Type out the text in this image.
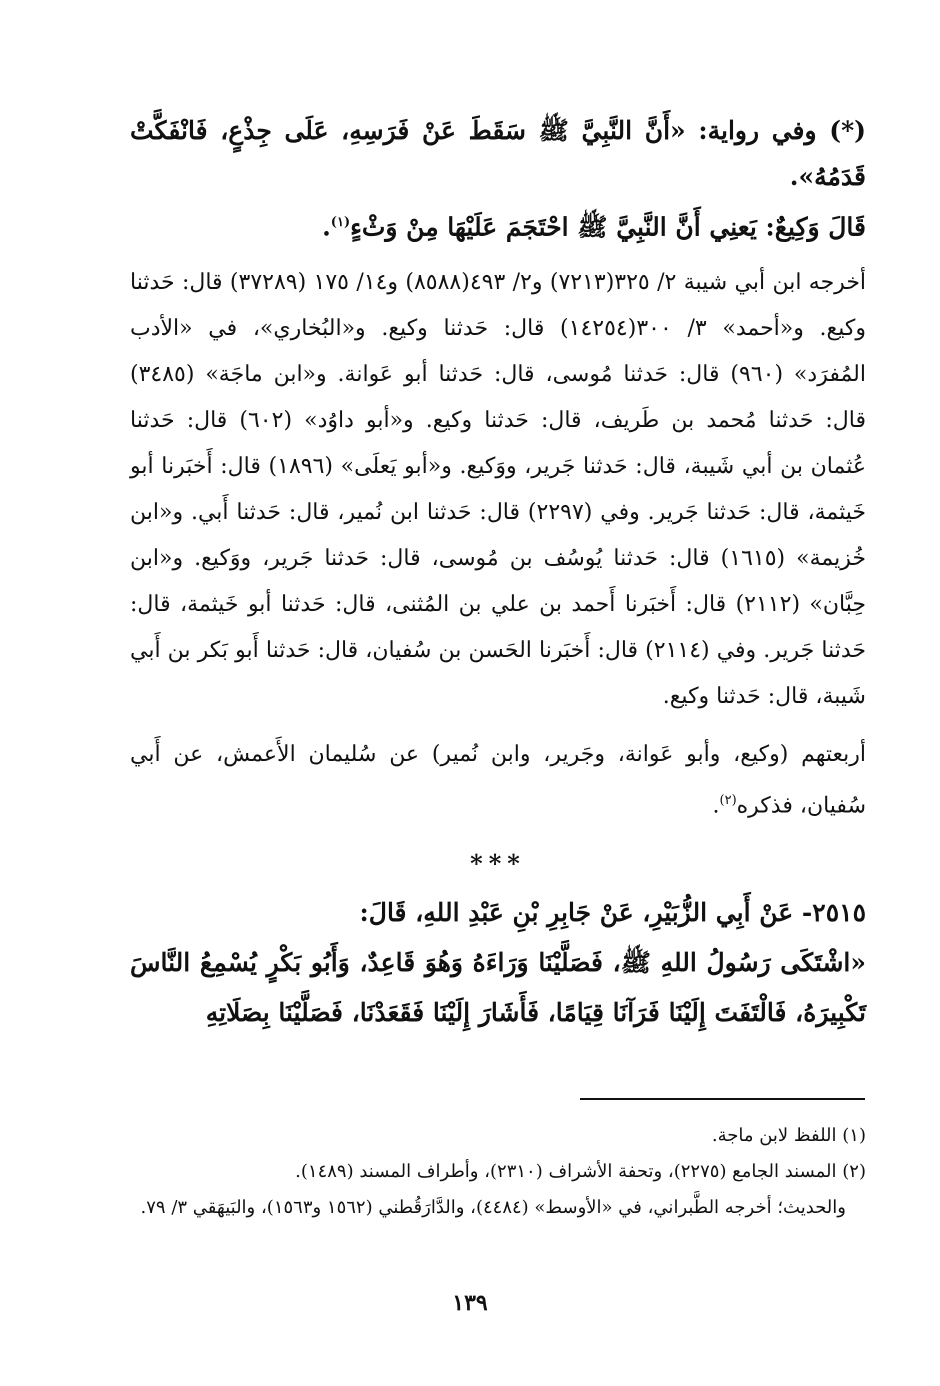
(*) وفي رواية: «أَنَّ النَّبِيَّ ﷺ سَقَطَ عَنْ فَرَسِهِ، عَلَى جِذْعٍ، فَانْفَكَّتْ قَدَمُهُ».

قَالَ وَكِيعٌ: يَعنِي أَنَّ النَّبِيَّ ﷺ احْتَجَمَ عَلَيْهَا مِنْ وَثْءٍ$^{(١)}$.

أخرجه ابن أبي شيبة ٢/ ٣٢٥(٧٢١٣) و٢/ ٤٩٣(٨٥٨٨) و١٤/ ١٧٥ (٣٧٢٨٩) قال: حَدثنا وكيع. و«أحمد» ٣/ ٣٠٠(١٤٢٥٤) قال: حَدثنا وكيع. و«البُخاري»، في «الأدب المُفرَد» (٩٦٠) قال: حَدثنا مُوسى، قال: حَدثنا أبو عَوانة. و«ابن ماجَة» (٣٤٨٥) قال: حَدثنا مُحمد بن طَريف، قال: حَدثنا وكيع. و«أبو داوُد» (٦٠٢) قال: حَدثنا عُثمان بن أبي شَيبة، قال: حَدثنا جَرير، ووَكيع. و«أبو يَعلَى» (١٨٩٦) قال: أَخبَرنا أبو خَيثمة، قال: حَدثنا جَرير. وفي (٢٢٩٧) قال: حَدثنا ابن نُمير، قال: حَدثنا أَبي. و«ابن خُزيمة» (١٦١٥) قال: حَدثنا يُوسُف بن مُوسى، قال: حَدثنا جَرير، ووَكيع. و«ابن حِبَّان» (٢١١٢) قال: أَخبَرنا أَحمد بن علي بن المُثنى، قال: حَدثنا أبو خَيثمة، قال: حَدثنا جَرير. وفي (٢١١٤) قال: أَخبَرنا الحَسن بن سُفيان، قال: حَدثنا أَبو بَكر بن أَبي شَيبة، قال: حَدثنا وكيع.

أربعتهم (وكيع، وأبو عَوانة، وجَرير، وابن نُمير) عن سُليمان الأَعمش، عن أَبي سُفيان، فذكره$^{(٢)}$.

***

٢٥١٥- عَنْ أَبِي الزُّبَيْرِ، عَنْ جَابِرِ بْنِ عَبْدِ اللهِ، قَالَ:

«اشْتَكَى رَسُولُ اللهِ ﷺ، فَصَلَّيْنَا وَرَاءَهُ وَهُوَ قَاعِدٌ، وَأَبُو بَكْرٍ يُسْمِعُ النَّاسَ تَكْبِيرَهُ، فَالْتَفَتَ إِلَيْنَا فَرَآنَا قِيَامًا، فَأَشَارَ إِلَيْنَا فَقَعَدْنَا، فَصَلَّيْنَا بِصَلَاتِهِ

(١) اللفظ لابن ماجة.

(٢) المسند الجامع (٢٢٧٥)، وتحفة الأشراف (٢٣١٠)، وأطراف المسند (١٤٨٩).

والحديث؛ أخرجه الطَّبراني، في «الأوسط» (٤٤٨٤)، والدَّارَقُطني (١٥٦٢ و١٥٦٣)، والبَيهَقي ٣/ ٧٩.

١٣٩
